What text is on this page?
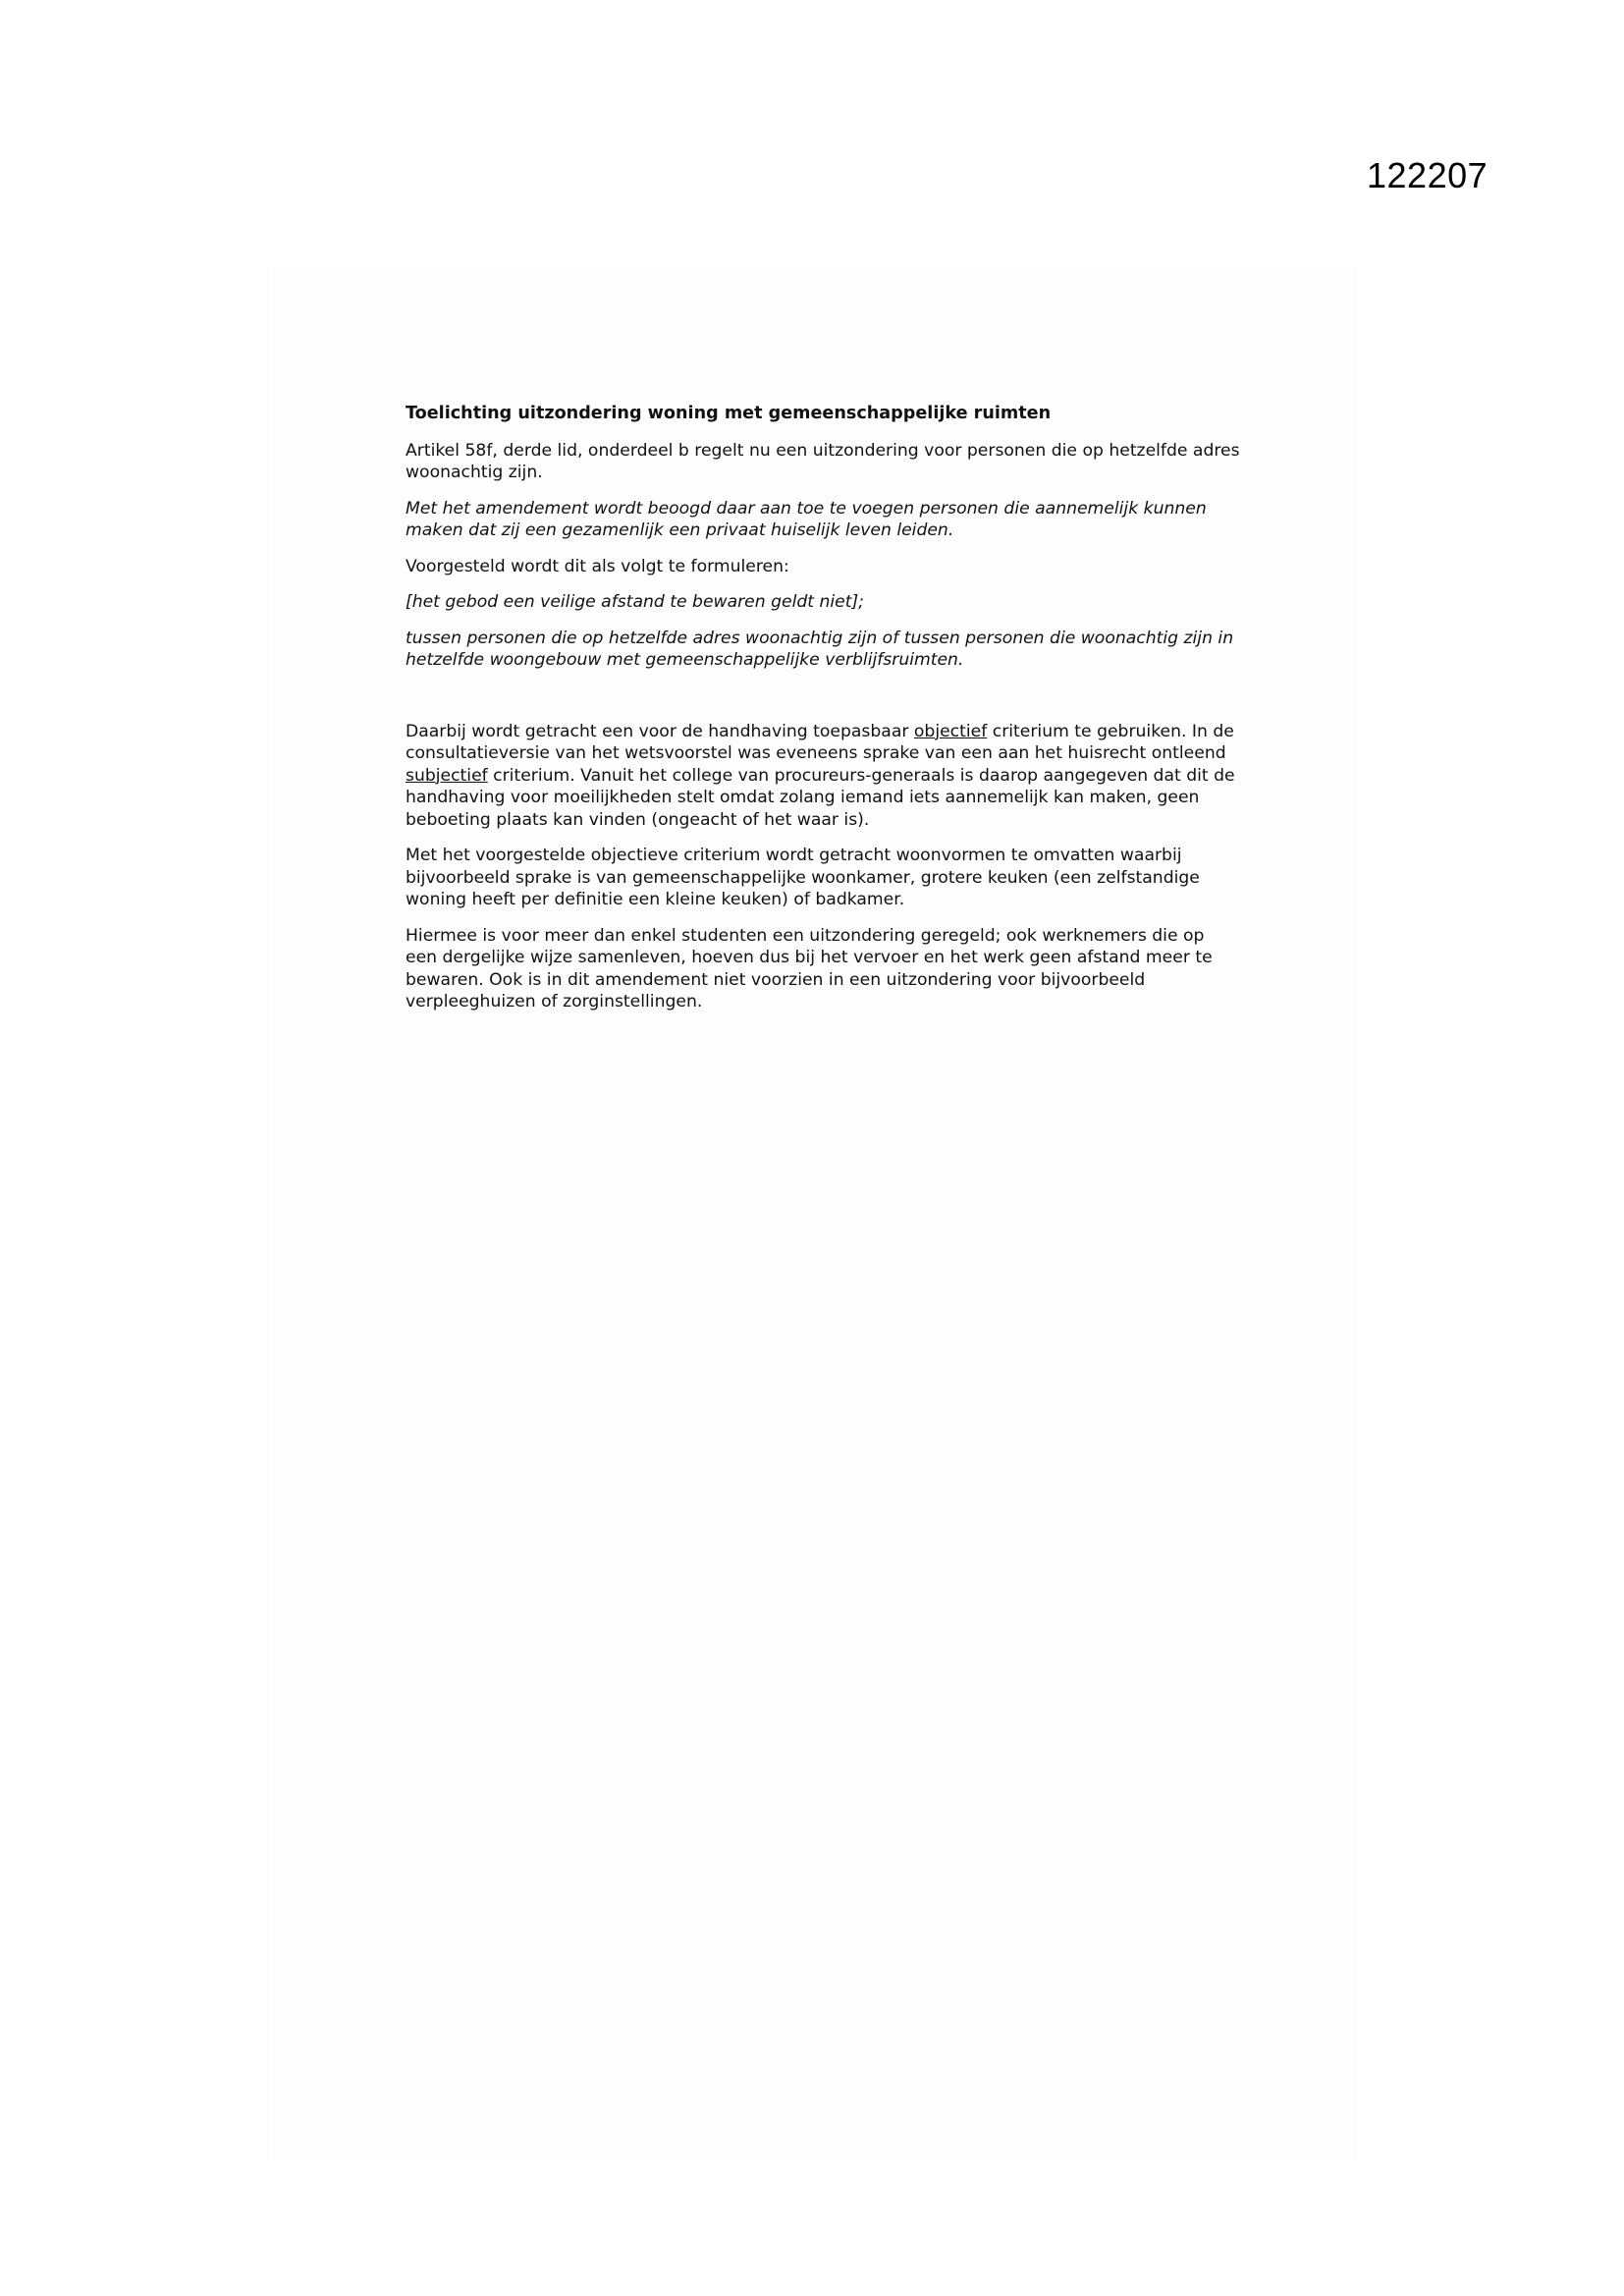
122207

Toelichting uitzondering woning met gemeenschappelijke ruimten

Artikel 58f, derde lid, onderdeel b regelt nu een uitzondering voor personen die op hetzelfde adres woonachtig zijn.

Met het amendement wordt beoogd daar aan toe te voegen personen die aannemelijk kunnen maken dat zij een gezamenlijk een privaat huiselijk leven leiden.

Voorgesteld wordt dit als volgt te formuleren:

[het gebod een veilige afstand te bewaren geldt niet];

tussen personen die op hetzelfde adres woonachtig zijn of tussen personen die woonachtig zijn in hetzelfde woongebouw met gemeenschappelijke verblijfsruimten.

Daarbij wordt getracht een voor de handhaving toepasbaar objectief criterium te gebruiken. In de consultatieversie van het wetsvoorstel was eveneens sprake van een aan het huisrecht ontleend subjectief criterium. Vanuit het college van procureurs-generaals is daarop aangegeven dat dit de handhaving voor moeilijkheden stelt omdat zolang iemand iets aannemelijk kan maken, geen beboeting plaats kan vinden (ongeacht of het waar is).

Met het voorgestelde objectieve criterium wordt getracht woonvormen te omvatten waarbij bijvoorbeeld sprake is van gemeenschappelijke woonkamer, grotere keuken (een zelfstandige woning heeft per definitie een kleine keuken) of badkamer.

Hiermee is voor meer dan enkel studenten een uitzondering geregeld; ook werknemers die op een dergelijke wijze samenleven, hoeven dus bij het vervoer en het werk geen afstand meer te bewaren. Ook is in dit amendement niet voorzien in een uitzondering voor bijvoorbeeld verpleeghuizen of zorginstellingen.
